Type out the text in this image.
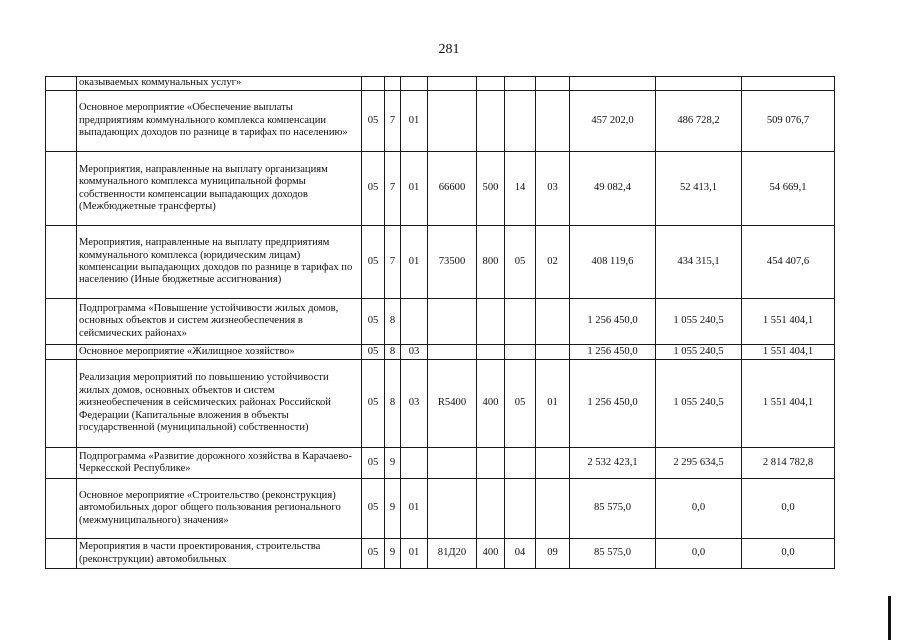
281
	оказываемых коммунальных услуг»										
	Основное мероприятие «Обеспечение выплаты предприятиям коммунального комплекса компенсации выпадающих доходов по разнице в тарифах по населению»	05	7	01					457 202,0	486 728,2	509 076,7
	Мероприятия, направленные на выплату организациям коммунального комплекса муниципальной формы собственности компенсации выпадающих доходов (Межбюджетные трансферты)	05	7	01	66600	500	14	03	49 082,4	52 413,1	54 669,1
	Мероприятия, направленные на выплату предприятиям коммунального комплекса (юридическим лицам) компенсации выпадающих доходов по разнице в тарифах по населению (Иные бюджетные ассигнования)	05	7	01	73500	800	05	02	408 119,6	434 315,1	454 407,6
	Подпрограмма «Повышение устойчивости жилых домов, основных объектов и систем жизнеобеспечения в сейсмических районах»	05	8						1 256 450,0	1 055 240,5	1 551 404,1
	Основное мероприятие «Жилищное хозяйство»	05	8	03					1 256 450,0	1 055 240,5	1 551 404,1
	Реализация мероприятий по повышению устойчивости жилых домов, основных объектов и систем жизнеобеспечения в сейсмических районах Российской Федерации (Капитальные вложения в объекты государственной (муниципальной) собственности)	05	8	03	R5400	400	05	01	1 256 450,0	1 055 240,5	1 551 404,1
	Подпрограмма «Развитие дорожного хозяйства в Карачаево-Черкесской Республике»	05	9						2 532 423,1	2 295 634,5	2 814 782,8
	Основное мероприятие «Строительство (реконструкция) автомобильных дорог общего пользования регионального (межмуниципального) значения»	05	9	01					85 575,0	0,0	0,0
	Мероприятия в части проектирования, строительства (реконструкции) автомобильных	05	9	01	81Д20	400	04	09	85 575,0	0,0	0,0
